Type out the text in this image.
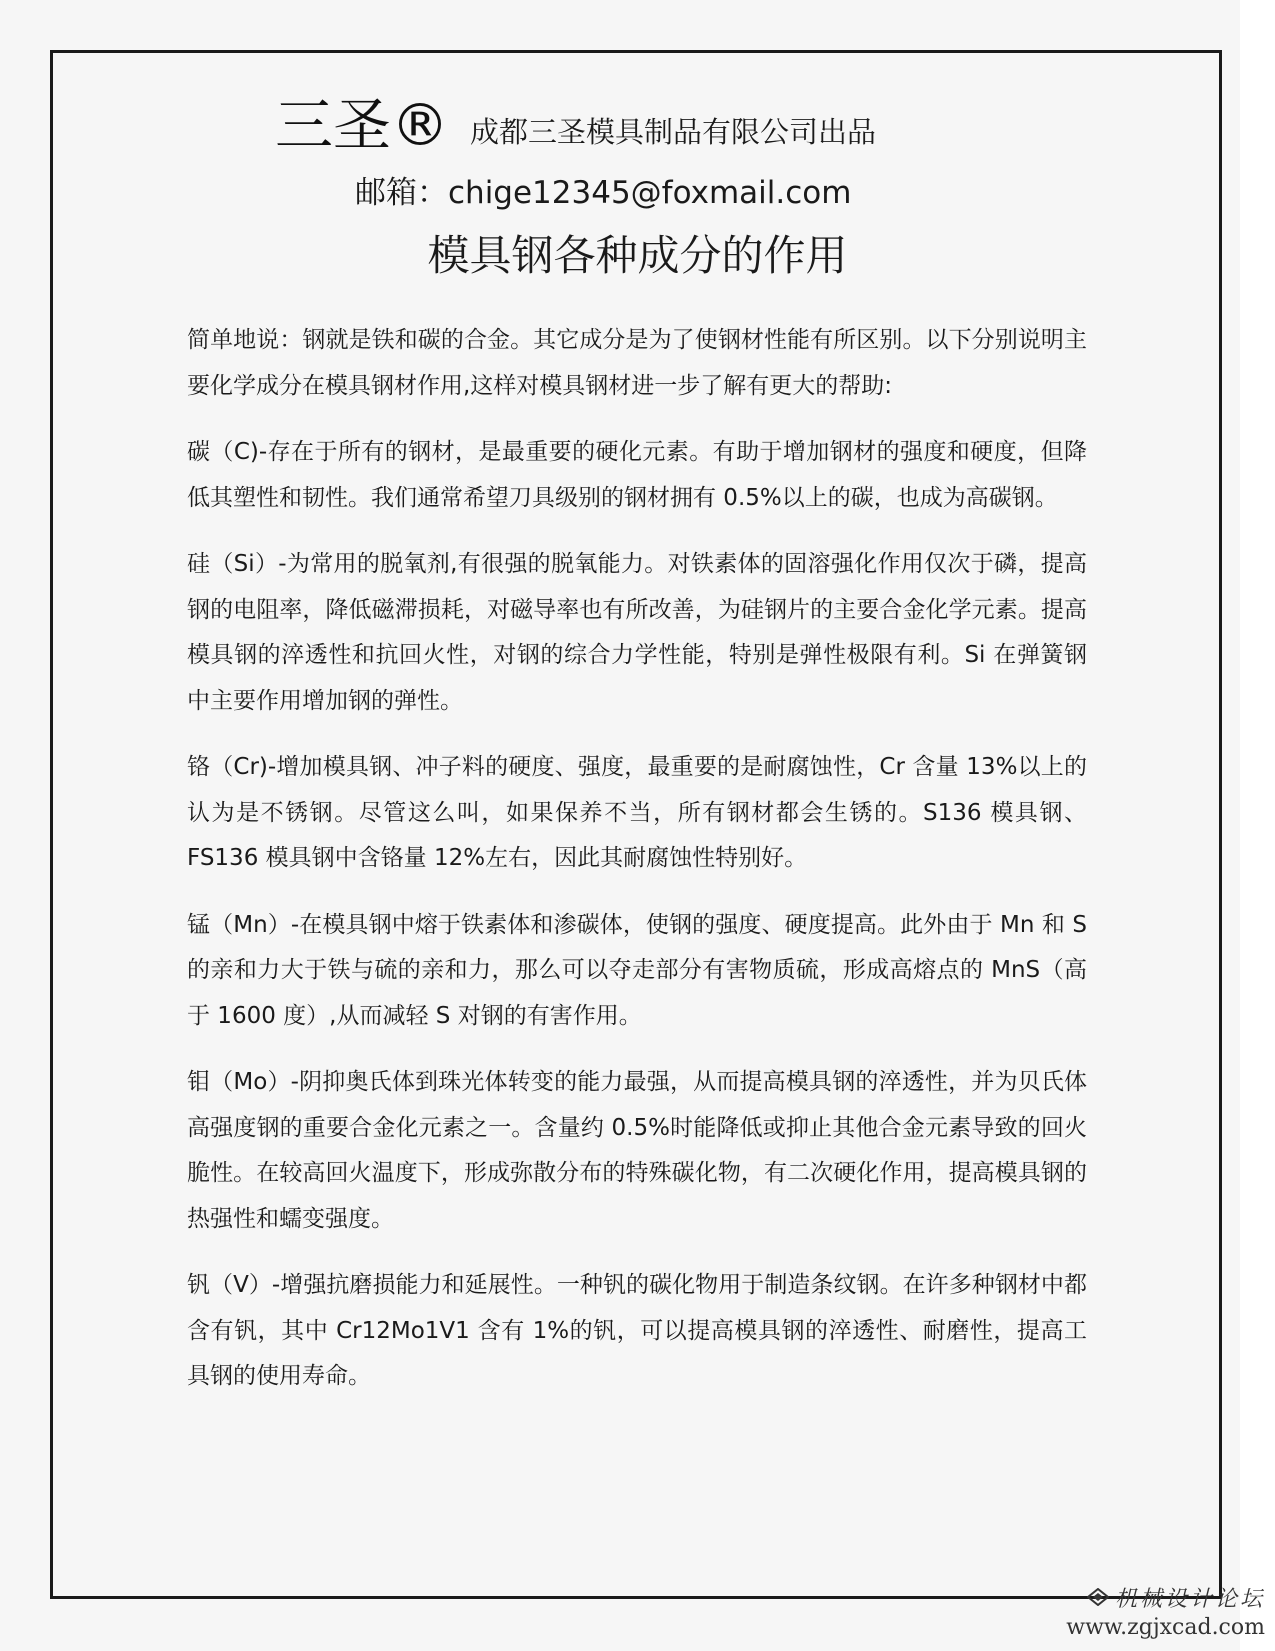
三圣® 成都三圣模具制品有限公司出品
邮箱：chige12345@foxmail.com
模具钢各种成分的作用

简单地说：钢就是铁和碳的合金。其它成分是为了使钢材性能有所区别。以下分别说明主要化学成分在模具钢材作用,这样对模具钢材进一步了解有更大的帮助:

碳（C)-存在于所有的钢材，是最重要的硬化元素。有助于增加钢材的强度和硬度，但降低其塑性和韧性。我们通常希望刀具级别的钢材拥有 0.5%以上的碳，也成为高碳钢。

硅（Si）-为常用的脱氧剂,有很强的脱氧能力。对铁素体的固溶强化作用仅次于磷，提高钢的电阻率，降低磁滞损耗，对磁导率也有所改善，为硅钢片的主要合金化学元素。提高模具钢的淬透性和抗回火性，对钢的综合力学性能，特别是弹性极限有利。Si 在弹簧钢中主要作用增加钢的弹性。

铬（Cr)-增加模具钢、冲子料的硬度、强度，最重要的是耐腐蚀性，Cr 含量 13%以上的认为是不锈钢。尽管这么叫，如果保养不当，所有钢材都会生锈的。S136 模具钢、FS136 模具钢中含铬量 12%左右，因此其耐腐蚀性特别好。

锰（Mn）-在模具钢中熔于铁素体和渗碳体，使钢的强度、硬度提高。此外由于 Mn 和 S 的亲和力大于铁与硫的亲和力，那么可以夺走部分有害物质硫，形成高熔点的 MnS（高于 1600 度）,从而减轻 S 对钢的有害作用。

钼（Mo）-阴抑奥氏体到珠光体转变的能力最强，从而提高模具钢的淬透性，并为贝氏体高强度钢的重要合金化元素之一。含量约 0.5%时能降低或抑止其他合金元素导致的回火脆性。在较高回火温度下，形成弥散分布的特殊碳化物，有二次硬化作用，提高模具钢的热强性和蠕变强度。

钒（V）-增强抗磨损能力和延展性。一种钒的碳化物用于制造条纹钢。在许多种钢材中都含有钒，其中 Cr12Mo1V1 含有 1%的钒，可以提高模具钢的淬透性、耐磨性，提高工具钢的使用寿命。

机械设计论坛
www.zgjxcad.com
